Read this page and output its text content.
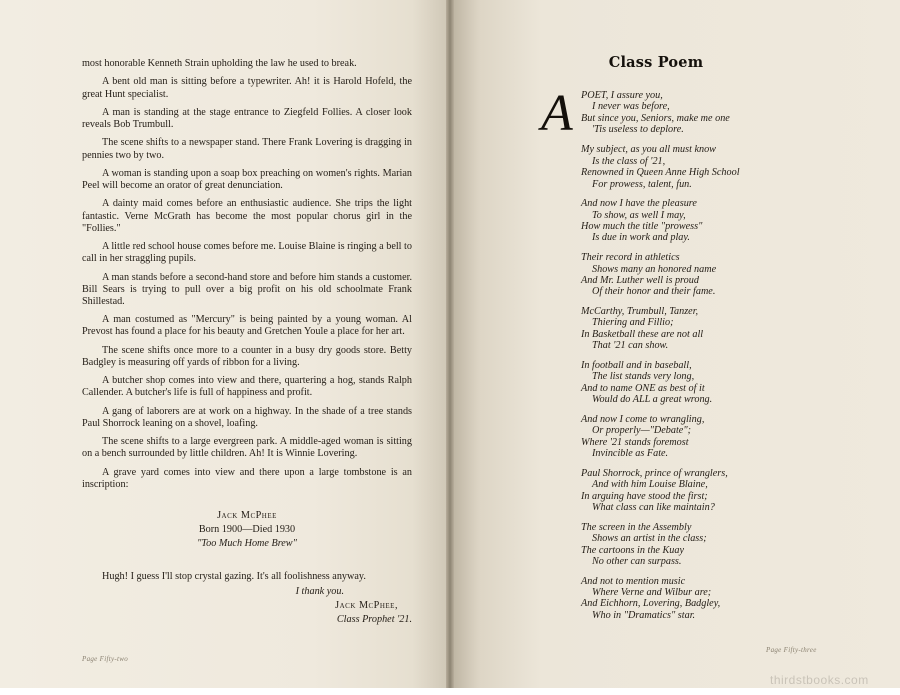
most honorable Kenneth Strain upholding the law he used to break.

A bent old man is sitting before a typewriter. Ah! it is Harold Hofeld, the great Hunt specialist.

A man is standing at the stage entrance to Ziegfeld Follies. A closer look reveals Bob Trumbull.

The scene shifts to a newspaper stand. There Frank Lovering is dragging in pennies two by two.

A woman is standing upon a soap box preaching on women's rights. Marian Peel will become an orator of great denunciation.

A dainty maid comes before an enthusiastic audience. She trips the light fantastic. Verne McGrath has become the most popular chorus girl in the "Follies."

A little red school house comes before me. Louise Blaine is ringing a bell to call in her straggling pupils.

A man stands before a second-hand store and before him stands a customer. Bill Sears is trying to pull over a big profit on his old schoolmate Frank Shillestad.

A man costumed as "Mercury" is being painted by a young woman. Al Prevost has found a place for his beauty and Gretchen Youle a place for her art.

The scene shifts once more to a counter in a busy dry goods store. Betty Badgley is measuring off yards of ribbon for a living.

A butcher shop comes into view and there, quartering a hog, stands Ralph Callender. A butcher's life is full of happiness and profit.

A gang of laborers are at work on a highway. In the shade of a tree stands Paul Shorrock leaning on a shovel, loafing.

The scene shifts to a large evergreen park. A middle-aged woman is sitting on a bench surrounded by little children. Ah! It is Winnie Lovering.

A grave yard comes into view and there upon a large tombstone is an inscription:

Jack McPhee
Born 1900—Died 1930
"Too Much Home Brew"

Hugh! I guess I'll stop crystal gazing. It's all foolishness anyway.

I thank you.
Jack McPhee,
Class Prophet '21.
Page Fifty-two
Class Poem
A POET, I assure you,
I never was before,
But since you, Seniors, make me one
'Tis useless to deplore.
My subject, as you all must know
Is the class of '21,
Renowned in Queen Anne High School
For prowess, talent, fun.
And now I have the pleasure
To show, as well I may,
How much the title "prowess"
Is due in work and play.
Their record in athletics
Shows many an honored name
And Mr. Luther well is proud
Of their honor and their fame.
McCarthy, Trumbull, Tanzer,
Thiering and Fillio;
In Basketball these are not all
That '21 can show.
In football and in baseball,
The list stands very long,
And to name ONE as best of it
Would do ALL a great wrong.
And now I come to wrangling,
Or properly—"Debate";
Where '21 stands foremost
Invincible as Fate.
Paul Shorrock, prince of wranglers,
And with him Louise Blaine,
In arguing have stood the first;
What class can like maintain?
The screen in the Assembly
Shows an artist in the class;
The cartoons in the Kuay
No other can surpass.
And not to mention music
Where Verne and Wilbur are;
And Eichhorn, Lovering, Badgley,
Who in "Dramatics" star.
Page Fifty-three
thirdstbooks.com
